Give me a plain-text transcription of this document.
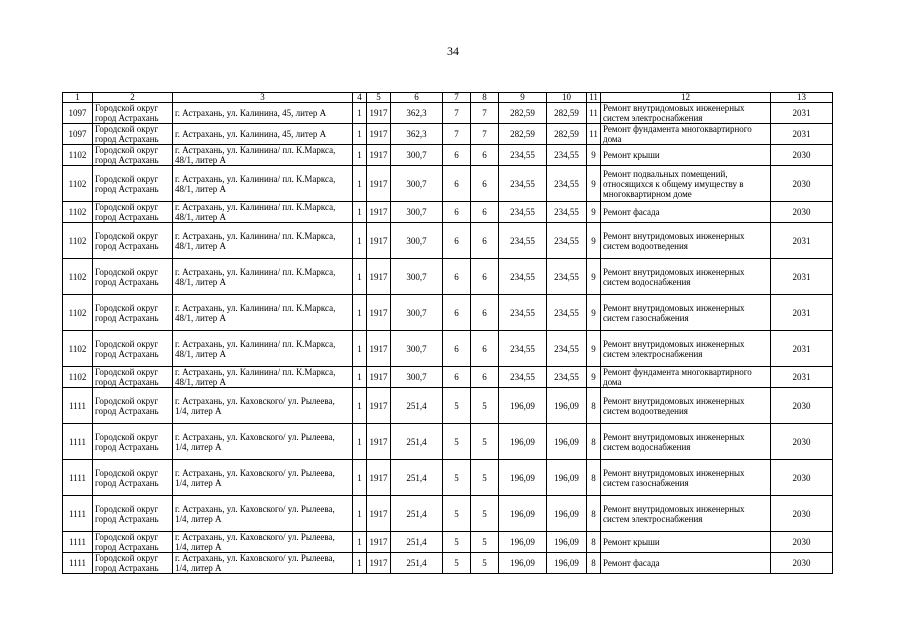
34
1	2	3	4	5	6	7	8	9	10	11	12	13
1097	Городской округ город Астрахань	г. Астрахань, ул. Калинина, 45, литер А	1	1917	362,3	7	7	282,59	282,59	11	Ремонт внутридомовых инженерных систем электроснабжения	2031
1097	Городской округ город Астрахань	г. Астрахань, ул. Калинина, 45, литер А	1	1917	362,3	7	7	282,59	282,59	11	Ремонт фундамента многоквартирного дома	2031
1102	Городской округ город Астрахань	г. Астрахань, ул. Калинина/ пл. К.Маркса, 48/1, литер А	1	1917	300,7	6	6	234,55	234,55	9	Ремонт крыши	2030
1102	Городской округ город Астрахань	г. Астрахань, ул. Калинина/ пл. К.Маркса, 48/1, литер А	1	1917	300,7	6	6	234,55	234,55	9	Ремонт подвальных помещений, относящихся к общему имуществу в многоквартирном доме	2030
1102	Городской округ город Астрахань	г. Астрахань, ул. Калинина/ пл. К.Маркса, 48/1, литер А	1	1917	300,7	6	6	234,55	234,55	9	Ремонт фасада	2030
1102	Городской округ город Астрахань	г. Астрахань, ул. Калинина/ пл. К.Маркса, 48/1, литер А	1	1917	300,7	6	6	234,55	234,55	9	Ремонт внутридомовых инженерных систем водоотведения	2031
1102	Городской округ город Астрахань	г. Астрахань, ул. Калинина/ пл. К.Маркса, 48/1, литер А	1	1917	300,7	6	6	234,55	234,55	9	Ремонт внутридомовых инженерных систем водоснабжения	2031
1102	Городской округ город Астрахань	г. Астрахань, ул. Калинина/ пл. К.Маркса, 48/1, литер А	1	1917	300,7	6	6	234,55	234,55	9	Ремонт внутридомовых инженерных систем газоснабжения	2031
1102	Городской округ город Астрахань	г. Астрахань, ул. Калинина/ пл. К.Маркса, 48/1, литер А	1	1917	300,7	6	6	234,55	234,55	9	Ремонт внутридомовых инженерных систем электроснабжения	2031
1102	Городской округ город Астрахань	г. Астрахань, ул. Калинина/ пл. К.Маркса, 48/1, литер А	1	1917	300,7	6	6	234,55	234,55	9	Ремонт фундамента многоквартирного дома	2031
1111	Городской округ город Астрахань	г. Астрахань, ул. Каховского/ ул. Рылеева, 1/4, литер А	1	1917	251,4	5	5	196,09	196,09	8	Ремонт внутридомовых инженерных систем водоотведения	2030
1111	Городской округ город Астрахань	г. Астрахань, ул. Каховского/ ул. Рылеева, 1/4, литер А	1	1917	251,4	5	5	196,09	196,09	8	Ремонт внутридомовых инженерных систем водоснабжения	2030
1111	Городской округ город Астрахань	г. Астрахань, ул. Каховского/ ул. Рылеева, 1/4, литер А	1	1917	251,4	5	5	196,09	196,09	8	Ремонт внутридомовых инженерных систем газоснабжения	2030
1111	Городской округ город Астрахань	г. Астрахань, ул. Каховского/ ул. Рылеева, 1/4, литер А	1	1917	251,4	5	5	196,09	196,09	8	Ремонт внутридомовых инженерных систем электроснабжения	2030
1111	Городской округ город Астрахань	г. Астрахань, ул. Каховского/ ул. Рылеева, 1/4, литер А	1	1917	251,4	5	5	196,09	196,09	8	Ремонт крыши	2030
1111	Городской округ город Астрахань	г. Астрахань, ул. Каховского/ ул. Рылеева, 1/4, литер А	1	1917	251,4	5	5	196,09	196,09	8	Ремонт фасада	2030
